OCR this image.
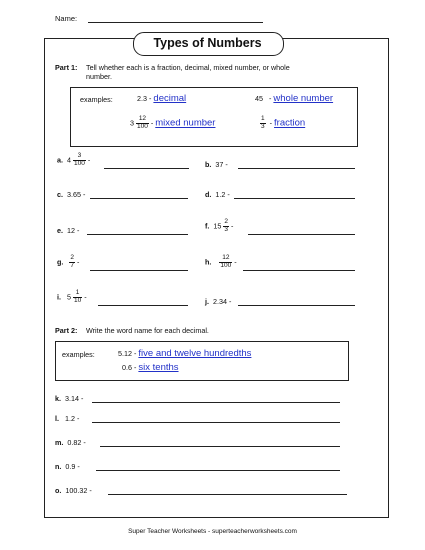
Name:
Types of Numbers
Part 1: Tell whether each is a fraction, decimal, mixed number, or whole
number.
examples:	2.3 - decimal	45 - whole number
$3 \frac{12}{100}$ - mixed number	$\frac{1}{3}$ - fraction
a. $4 \frac{3}{100}$ -	b. 37 -
c. 3.65 -	d. 1.2 -
e. 12 -	f. $15 \frac{2}{3}$ -
g. $\frac{2}{7}$ -	h. $\frac{12}{100}$ -
i. $5 \frac{1}{10}$ -	j. 2.34 -
Part 2: Write the word name for each decimal.
examples:	5.12 - five and twelve hundredths
0.6 - six tenths
k. 3.14 -
l. 1.2 -
m. 0.82 -
n. 0.9 -
o. 100.32 -
Super Teacher Worksheets - superteacherworksheets.com
